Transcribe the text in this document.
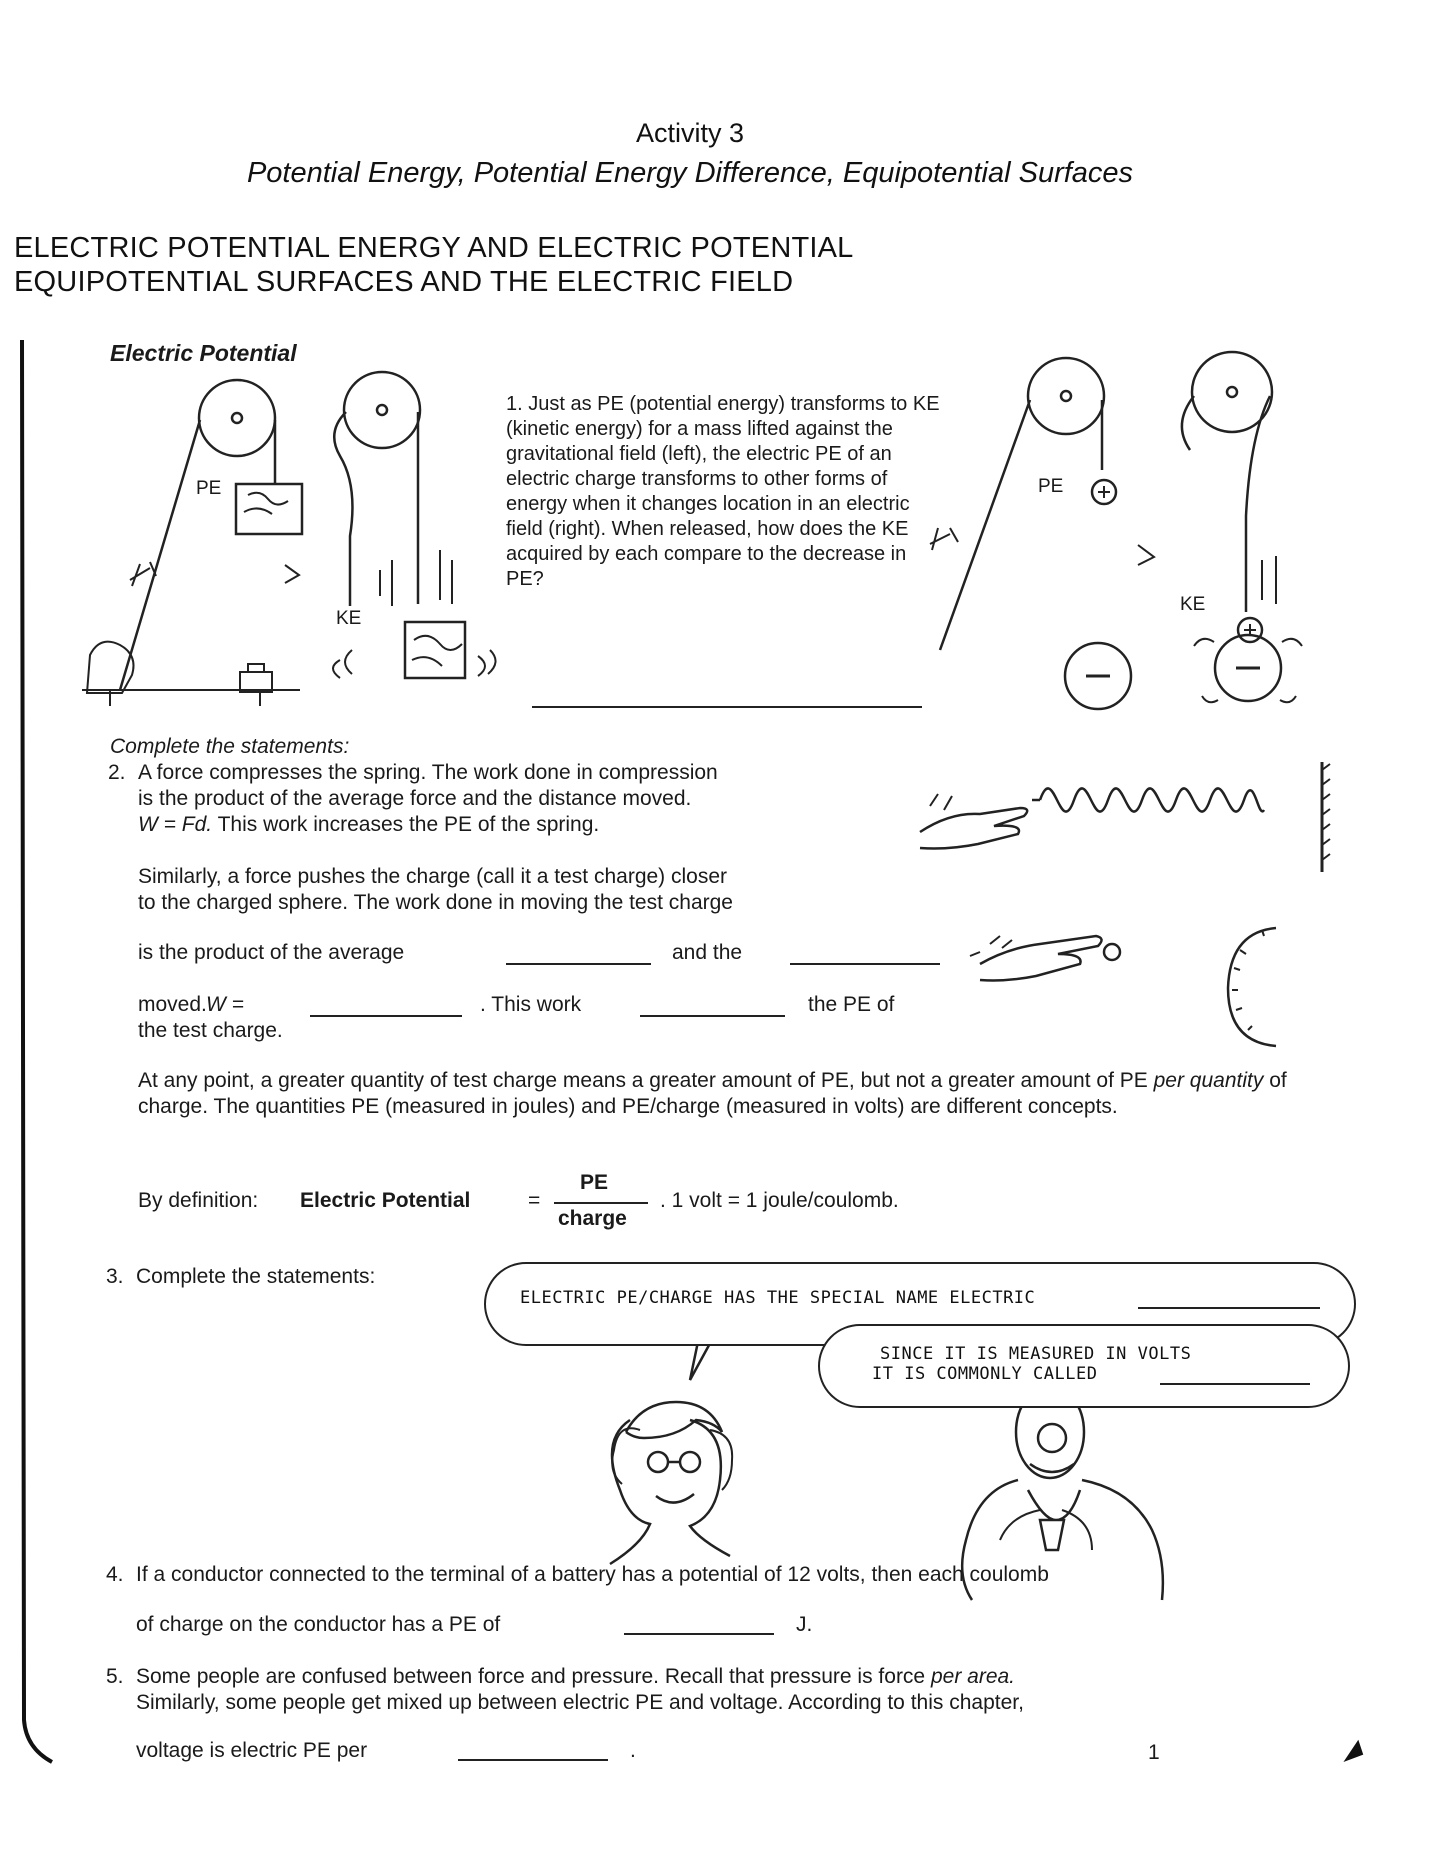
Activity 3
Potential Energy, Potential Energy Difference, Equipotential Surfaces
ELECTRIC POTENTIAL ENERGY AND ELECTRIC POTENTIAL
EQUIPOTENTIAL SURFACES AND THE ELECTRIC FIELD
PE
KE
PE
KE
Electric Potential
1. Just as PE (potential energy) transforms to KE (kinetic energy) for a mass lifted against the gravitational field (left), the electric PE of an electric charge transforms to other forms of energy when it changes location in an electric field (right). When released, how does the KE acquired by each compare to the decrease in PE?
Complete the statements:
2. A force compresses the spring. The work done in compression
is the product of the average force and the distance moved.
W = Fd. This work increases the PE of the spring.
Similarly, a force pushes the charge (call it a test charge) closer
to the charged sphere. The work done in moving the test charge
is the product of the average	and the
moved. W =	. This work	the PE of
the test charge.
At any point, a greater quantity of test charge means a greater amount of PE, but not a greater amount of PE per quantity of charge. The quantities PE (measured in joules) and PE/charge (measured in volts) are different concepts.
By definition: Electric Potential	=
PE
charge
. 1 volt = 1 joule/coulomb.
3. Complete the statements:
ELECTRIC PE/CHARGE HAS THE SPECIAL NAME ELECTRIC
SINCE IT IS MEASURED IN VOLTS
IT IS COMMONLY CALLED
4. If a conductor connected to the terminal of a battery has a potential of 12 volts, then each coulomb
of charge on the conductor has a PE of	J.
5. Some people are confused between force and pressure. Recall that pressure is force per area.
Similarly, some people get mixed up between electric PE and voltage. According to this chapter,
voltage is electric PE per	.	1
